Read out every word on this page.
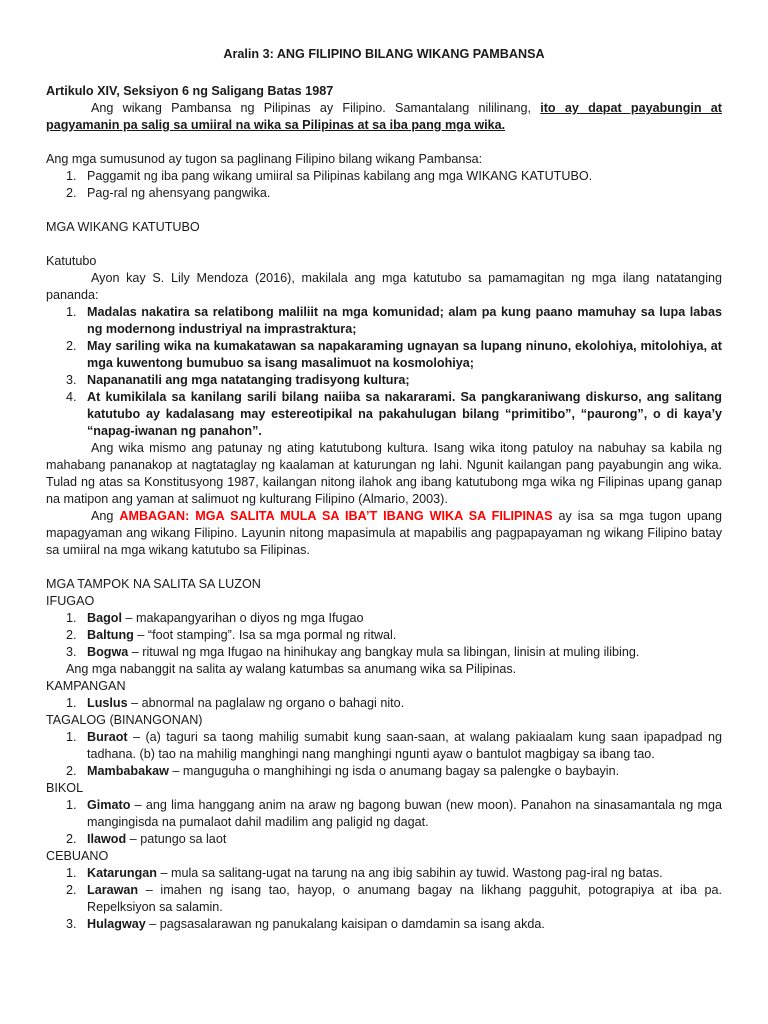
Aralin 3: ANG FILIPINO BILANG WIKANG PAMBANSA

Artikulo XIV, Seksiyon 6 ng Saligang Batas 1987

Ang wikang Pambansa ng Pilipinas ay Filipino. Samantalang nililinang, ito ay dapat payabungin at pagyamanin pa salig sa umiiral na wika sa Pilipinas at sa iba pang mga wika.

Ang mga sumusunod ay tugon sa paglinang Filipino bilang wikang Pambansa:

1. Paggamit ng iba pang wikang umiiral sa Pilipinas kabilang ang mga WIKANG KATUTUBO.
2. Pag-ral ng ahensyang pangwika.

MGA WIKANG KATUTUBO

Katutubo

Ayon kay S. Lily Mendoza (2016), makilala ang mga katutubo sa pamamagitan ng mga ilang natatanging pananda:

1. Madalas nakatira sa relatibong maliliit na mga komunidad; alam pa kung paano mamuhay sa lupa labas ng modernong industriyal na imprastraktura;
2. May sariling wika na kumakatawan sa napakaraming ugnayan sa lupang ninuno, ekolohiya, mitolohiya, at mga kuwentong bumubuo sa isang masalimuot na kosmolohiya;
3. Napananatili ang mga natatanging tradisyong kultura;
4. At kumikilala sa kanilang sarili bilang naiiba sa nakararami. Sa pangkaraniwang diskurso, ang salitang katutubo ay kadalasang may estereotipikal na pakahulugan bilang “primitibo”, “paurong”, o di kaya’y “napag-iwanan ng panahon”.

Ang wika mismo ang patunay ng ating katutubong kultura. Isang wika itong patuloy na nabuhay sa kabila ng mahabang pananakop at nagtataglay ng kaalaman at katurungan ng lahi. Ngunit kailangan pang payabungin ang wika. Tulad ng atas sa Konstitusyong 1987, kailangan nitong ilahok ang ibang katutubong mga wika ng Filipinas upang ganap na matipon ang yaman at salimuot ng kulturang Filipino (Almario, 2003).

Ang AMBAGAN: MGA SALITA MULA SA IBA’T IBANG WIKA SA FILIPINAS ay isa sa mga tugon upang mapagyaman ang wikang Filipino. Layunin nitong mapasimula at mapabilis ang pagpapayaman ng wikang Filipino batay sa umiiral na mga wikang katutubo sa Filipinas.

MGA TAMPOK NA SALITA SA LUZON

IFUGAO

1. Bagol – makapangyarihan o diyos ng mga Ifugao
2. Baltung – “foot stamping”. Isa sa mga pormal ng ritwal.
3. Bogwa – rituwal ng mga Ifugao na hinihukay ang bangkay mula sa libingan, linisin at muling ilibing.

Ang mga nabanggit na salita ay walang katumbas sa anumang wika sa Pilipinas.

KAMPANGAN

1. Luslus – abnormal na paglalaw ng organo o bahagi nito.

TAGALOG (BINANGONAN)

1. Buraot – (a) taguri sa taong mahilig sumabit kung saan-saan, at walang pakiaalam kung saan ipapadpad ng tadhana. (b) tao na mahilig manghingi nang manghingi ngunti ayaw o bantulot magbigay sa ibang tao.
2. Mambabakaw – manguguha o manghihingi ng isda o anumang bagay sa palengke o baybayin.

BIKOL

1. Gimato – ang lima hanggang anim na araw ng bagong buwan (new moon). Panahon na sinasamantala ng mga mangingisda na pumalaot dahil madilim ang paligid ng dagat.
2. Ilawod – patungo sa laot

CEBUANO

1. Katarungan – mula sa salitang-ugat na tarung na ang ibig sabihin ay tuwid. Wastong pag-iral ng batas.
2. Larawan – imahen ng isang tao, hayop, o anumang bagay na likhang pagguhit, potograpiya at iba pa. Repelksiyon sa salamin.
3. Hulagway – pagsasalarawan ng panukalang kaisipan o damdamin sa isang akda.
